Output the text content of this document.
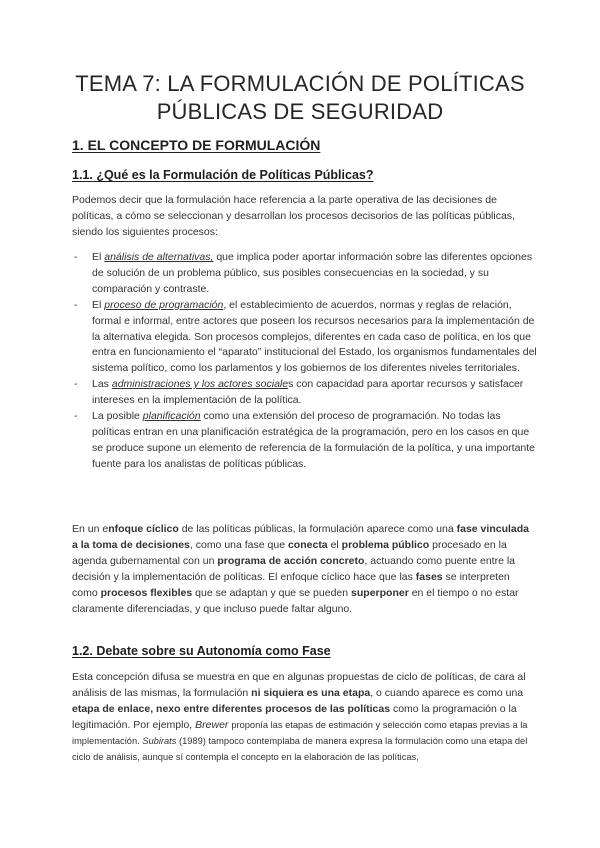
TEMA 7: LA FORMULACIÓN DE POLÍTICAS
PÚBLICAS DE SEGURIDAD
1. EL CONCEPTO DE FORMULACIÓN
1.1. ¿Qué es la Formulación de Políticas Públicas?

Podemos decir que la formulación hace referencia a la parte operativa de las decisiones de políticas, a cómo se seleccionan y desarrollan los procesos decisorios de las políticas públicas, siendo los siguientes procesos:

- El análisis de alternativas, que implica poder aportar información sobre las diferentes opciones de solución de un problema público, sus posibles consecuencias en la sociedad, y su comparación y contraste.
- El proceso de programación, el establecimiento de acuerdos, normas y reglas de relación, formal e informal, entre actores que poseen los recursos necesarios para la implementación de la alternativa elegida. Son procesos complejos, diferentes en cada caso de política, en los que entra en funcionamiento el “aparato” institucional del Estado, los organismos fundamentales del sistema político, como los parlamentos y los gobiernos de los diferentes niveles territoriales.
- Las administraciones y los actores sociales con capacidad para aportar recursos y satisfacer intereses en la implementación de la política.
- La posible planificación como una extensión del proceso de programación. No todas las políticas entran en una planificación estratégica de la programación, pero en los casos en que se produce supone un elemento de referencia de la formulación de la política, y una importante fuente para los analistas de políticas públicas.

En un enfoque cíclico de las políticas públicas, la formulación aparece como una fase vinculada a la toma de decisiones, como una fase que conecta el problema público procesado en la agenda gubernamental con un programa de acción concreto, actuando como puente entre la decisión y la implementación de políticas. El enfoque cíclico hace que las fases se interpreten como procesos flexibles que se adaptan y que se pueden superponer en el tiempo o no estar claramente diferenciadas, y que incluso puede faltar alguno.

1.2. Debate sobre su Autonomía como Fase

Esta concepción difusa se muestra en que en algunas propuestas de ciclo de políticas, de cara al análisis de las mismas, la formulación ni siquiera es una etapa, o cuando aparece es como una etapa de enlace, nexo entre diferentes procesos de las políticas como la programación o la legitimación. Por ejemplo, Brewer proponía las etapas de estimación y selección como etapas previas a la implementación. Subirats (1989) tampoco contemplaba de manera expresa la formulación como una etapa del ciclo de análisis, aunque sí contempla el concepto en la elaboración de las políticas,
